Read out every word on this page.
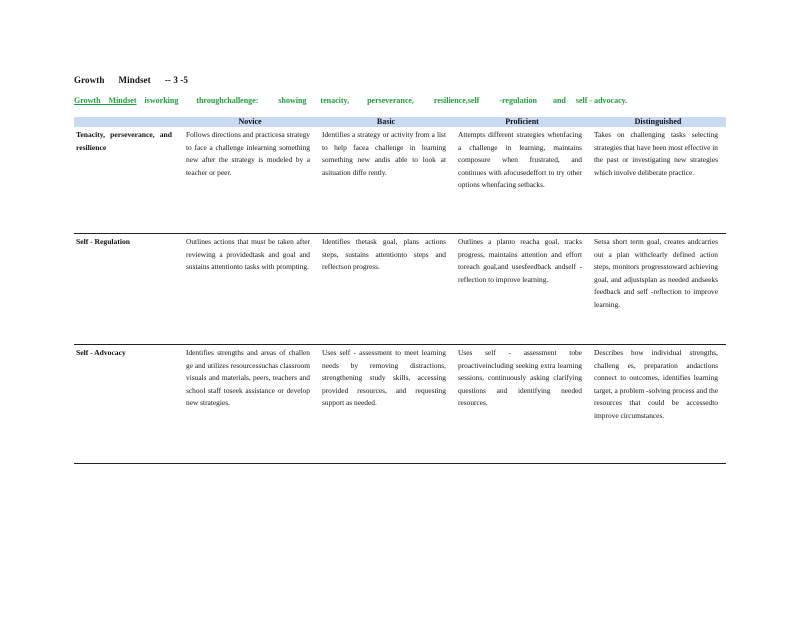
Growth      Mindset      -- 3 -5
Growth    Mindset    isworking         throughchallenge:          showing       tenacity,         perseverance,          resilience,self          -regulation        and     self - advocacy.
	Novice	Basic	Proficient	Distinguished
Tenacity, perseverance, and resilience	Follows directions and practicesa strategy to face a challenge inlearning something new after the strategy is modeled by a teacher or peer.	Identifies a strategy or activity from a list to help facea challenge in learning something new andis able to look at asituation diffe rently.	Attempts different strategies whenfacing a challenge in learning, maintains composure when frustrated, and continues with afocusedeffort to try other options whenfacing setbacks.	Takes on challenging tasks selecting strategies that have been most effective in the past or investigating new strategies which involve deliberate practice.
Self - Regulation	Outlines actions that must be taken after reviewing a providedtask and goal and sustains attentionto tasks with prompting.	Identifies thetask goal, plans actions steps, sustains attentionto steps and reflectson progress.	Outlines a planto reacha goal, tracks progress, maintains attention and effort toreach goal,and usesfeedback andself - reflection to improve learning.	Setsa short term goal, creates andcarries out a plan withclearly defined action steps, monitors progresstoward achieving goal, and adjustsplan as needed andseeks feedback and self -reflection to improve learning.
Self - Advocacy	Identifies strengths and areas of challen ge and utilizes resourcessuchas classroom visuals and materials, peers, teachers and school staff toseek assistance or develop new strategies.	Uses self - assessment to meet learning needs by removing distractions, strengthening study skills, accessing provided resources, and requesting support as needed.	Uses self - assessment tobe proactiveincluding seeking extra learning sessions, continuously asking clarifying questions and identifying needed resources.	Describes how individual strengths, challeng es, preparation andactions connect to outcomes, identifies learning target, a problem -solving process and the resources that could be accessedto improve circumstances.
